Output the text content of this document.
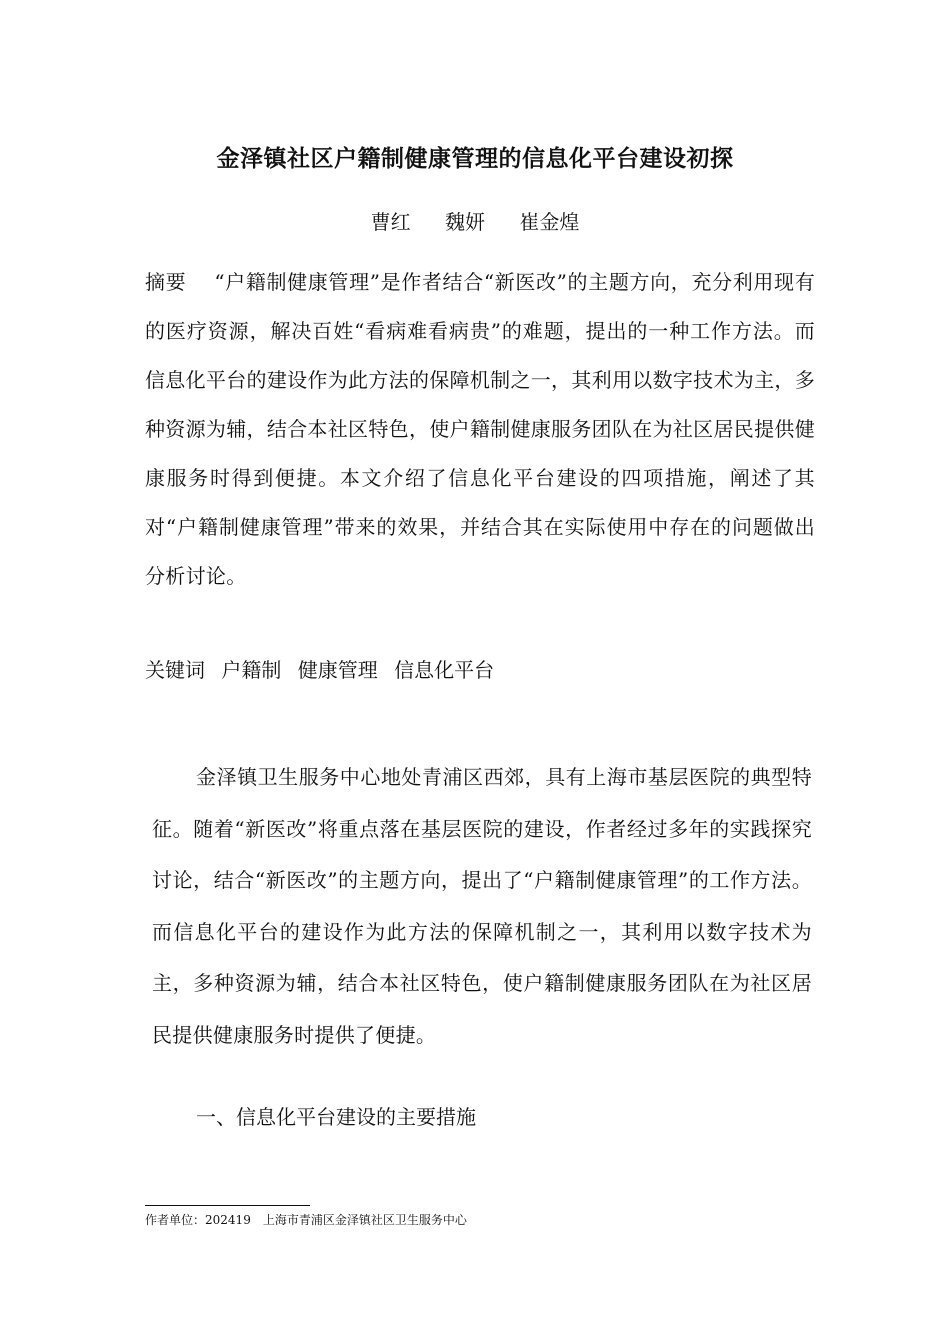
金泽镇社区户籍制健康管理的信息化平台建设初探
曹红 魏妍 崔金煌
摘要 “户籍制健康管理”是作者结合“新医改”的主题方向，充分利用现有的医疗资源，解决百姓“看病难看病贵”的难题，提出的一种工作方法。而信息化平台的建设作为此方法的保障机制之一，其利用以数字技术为主，多种资源为辅，结合本社区特色，使户籍制健康服务团队在为社区居民提供健康服务时得到便捷。本文介绍了信息化平台建设的四项措施，阐述了其对“户籍制健康管理”带来的效果，并结合其在实际使用中存在的问题做出分析讨论。
关键词 户籍制 健康管理 信息化平台
金泽镇卫生服务中心地处青浦区西郊，具有上海市基层医院的典型特征。随着“新医改”将重点落在基层医院的建设，作者经过多年的实践探究讨论，结合“新医改”的主题方向，提出了“户籍制健康管理”的工作方法。而信息化平台的建设作为此方法的保障机制之一，其利用以数字技术为主，多种资源为辅，结合本社区特色，使户籍制健康服务团队在为社区居民提供健康服务时提供了便捷。
一、信息化平台建设的主要措施
作者单位：202419 上海市青浦区金泽镇社区卫生服务中心
